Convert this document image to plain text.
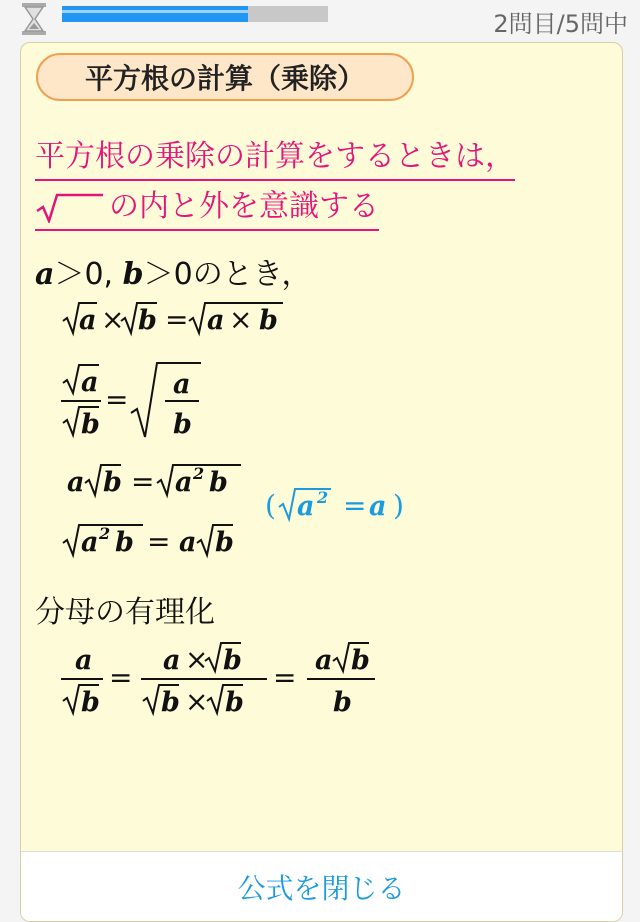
2問目/5問中
平方根の計算（乗除）
平方根の乗除の計算をするときは，
の内と外を意識する
a＞0, b＞0のとき，
a × b = a × b
a
b
= a
b
a b = a 2 b
( a 2 = a )
a 2 b = a b
分母の有理化
a
b
=
a × b
b × b
=
a b
b
公式を閉じる
